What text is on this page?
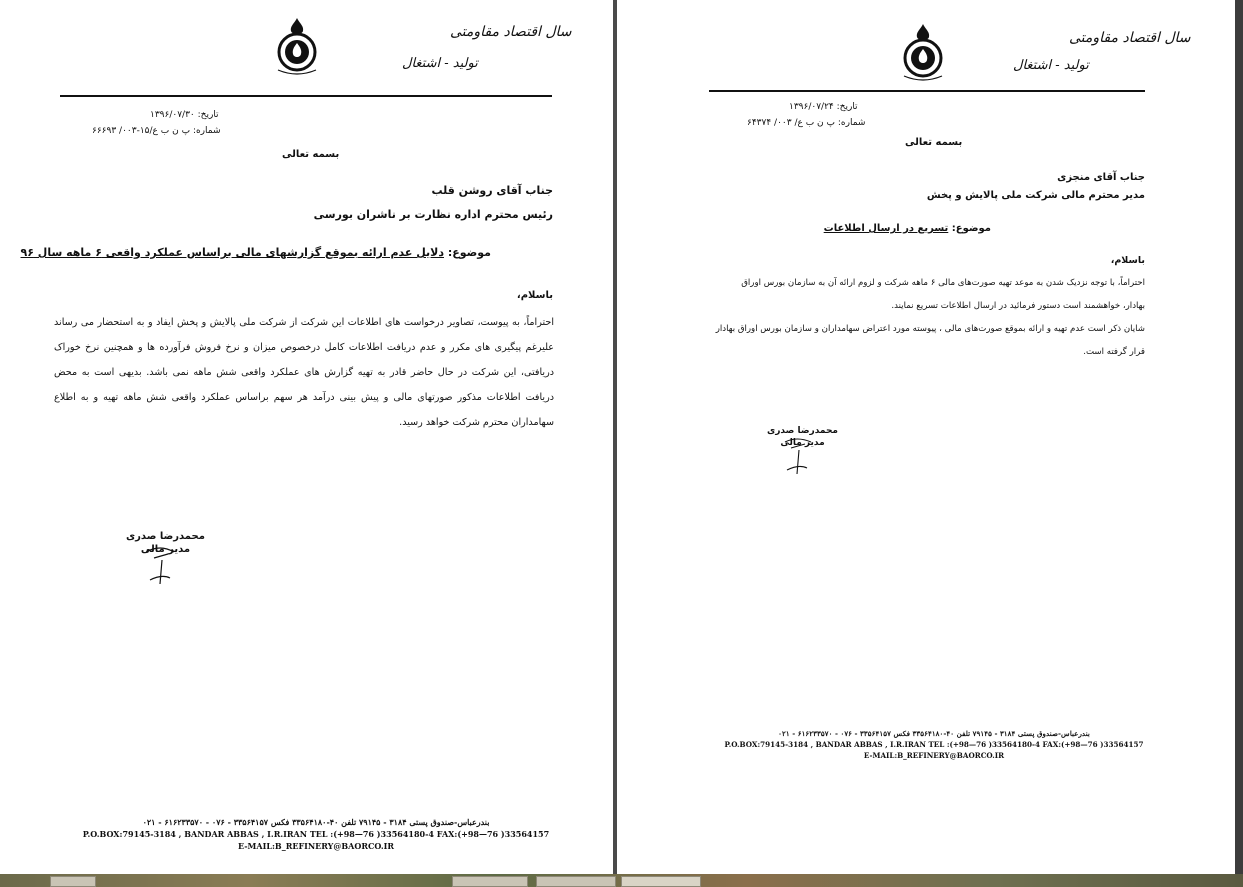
سال اقتصاد مقاومتی
تولید - اشتغال
تاریخ: ۱۳۹۶/۰۷/۳۰
شماره: پ ن ب ع/۱۵-۰۰۳/ ۶۶۶۹۳
بسمه تعالی
جناب آقای روشن قلب
رئیس محترم اداره نظارت بر ناشران بورسی
موضوع: دلایل عدم ارائه بموقع گزارشهای مالی براساس عملکرد واقعی ۶ ماهه سال ۹۶
باسلام،
احتراماً، به پیوست، تصاویر درخواست های اطلاعات این شرکت از شرکت ملی پالایش و پخش ایفاد و به استحضار می رساند علیرغم پیگیری های مکرر و عدم دریافت اطلاعات کامل درخصوص میزان و نرخ فروش فرآورده ها و همچنین نرخ خوراک دریافتی، این شرکت در حال حاضر قادر به تهیه گزارش های عملکرد واقعی شش ماهه نمی باشد. بدیهی است به محض دریافت اطلاعات مذکور صورتهای مالی و پیش بینی درآمد هر سهم براساس عملکرد واقعی شش ماهه تهیه و به اطلاع سهامداران محترم شرکت خواهد رسید.
محمدرضا صدری
مدیر مالی
بندرعباس-صندوق پستی ۳۱۸۴ - ۷۹۱۴۵ تلفن ۴۰-۳۳۵۶۴۱۸۰ فکس ۳۳۵۶۴۱۵۷ - ۰۷۶ - ۶۱۶۲۳۳۵۷۰ - ۰۲۱
P.O.BOX:79145-3184 , BANDAR ABBAS , I.R.IRAN TEL :(+98—76 )33564180-4 FAX:(+98—76 )33564157
E-MAIL:B_REFINERY@BAORCO.IR
سال اقتصاد مقاومتی
تولید - اشتغال
تاریخ: ۱۳۹۶/۰۷/۲۴
شماره: پ ن ب ع/ ۰۰۳/ ۶۴۳۷۴
بسمه تعالی
جناب آقای منجزی
مدیر محترم مالی شرکت ملی پالایش و پخش
موضوع: تسریع در ارسال اطلاعات
باسلام،
احتراماً، با توجه نزدیک شدن به موعد تهیه صورت‌های مالی ۶ ماهه شرکت و لزوم ارائه آن به سازمان بورس اوراق
بهادار، خواهشمند است دستور فرمائید در ارسال اطلاعات تسریع نمایند.
شایان ذکر است عدم تهیه و ارائه بموقع صورت‌های مالی ، پیوسته مورد اعتراض سهامداران و سازمان بورس اوراق بهادار
قرار گرفته است.
محمدرضا صدری
مدیر مالی
بندرعباس-صندوق پستی ۳۱۸۴ - ۷۹۱۴۵ تلفن ۴۰-۳۳۵۶۴۱۸۰ فکس ۳۳۵۶۴۱۵۷ - ۰۷۶ - ۶۱۶۲۳۳۵۷۰ - ۰۲۱
P.O.BOX:79145-3184 , BANDAR ABBAS , I.R.IRAN TEL :(+98—76 )33564180-4 FAX:(+98—76 )33564157
E-MAIL:B_REFINERY@BAORCO.IR
